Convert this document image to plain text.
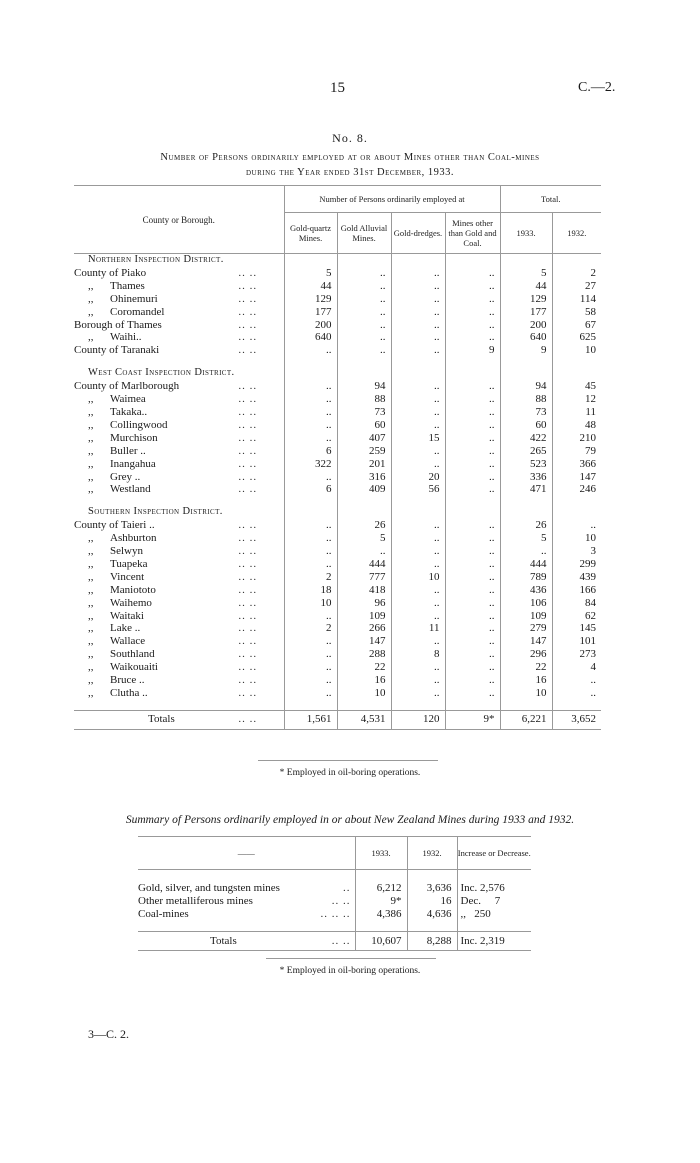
15	C.—2.
No. 8.
Number of Persons ordinarily employed at or about Mines other than Coal-mines
during the Year ended 31st December, 1933.
County or Borough.		Number of Persons ordinarily employed at				Total.	
		Gold-quartz Mines.	Gold Alluvial Mines.	Gold-dredges.	Mines other than Gold and Coal.	1933.	1932.
Northern Inspection District.							
County of Piako	.. ..	5	..	..	..	5	2
,, Thames	.. ..	44	..	..	..	44	27
,, Ohinemuri	.. ..	129	..	..	..	129	114
,, Coromandel	.. ..	177	..	..	..	177	58
Borough of Thames	.. ..	200	..	..	..	200	67
,, Waihi..	.. ..	640	..	..	..	640	625
County of Taranaki	.. ..	..	..	..	9	9	10

West Coast Inspection District.							
County of Marlborough	.. ..	..	94	..	..	94	45
,, Waimea	.. ..	..	88	..	..	88	12
,, Takaka..	.. ..	..	73	..	..	73	11
,, Collingwood	.. ..	..	60	..	..	60	48
,, Murchison	.. ..	..	407	15	..	422	210
,, Buller ..	.. ..	6	259	..	..	265	79
,, Inangahua	.. ..	322	201	..	..	523	366
,, Grey ..	.. ..	..	316	20	..	336	147
,, Westland	.. ..	6	409	56	..	471	246

Southern Inspection District.							
County of Taieri ..	.. ..	..	26	..	..	26	..
,, Ashburton	.. ..	..	5	..	..	5	10
,, Selwyn	.. ..	..	..	..	..	..	3
,, Tuapeka	.. ..	..	444	..	..	444	299
,, Vincent	.. ..	2	777	10	..	789	439
,, Maniototo	.. ..	18	418	..	..	436	166
,, Waihemo	.. ..	10	96	..	..	106	84
,, Waitaki	.. ..	..	109	..	..	109	62
,, Lake ..	.. ..	2	266	11	..	279	145
,, Wallace	.. ..	..	147	..	..	147	101
,, Southland	.. ..	..	288	8	..	296	273
,, Waikouaiti	.. ..	..	22	..	..	22	4
,, Bruce ..	.. ..	..	16	..	..	16	..
,, Clutha ..	.. ..	..	10	..	..	10	..

Totals	.. ..	1,561	4,531	120	9*	6,221	3,652
* Employed in oil-boring operations.
Summary of Persons ordinarily employed in or about New Zealand Mines during 1933 and 1932.
——		1933.	1932.	Increase or Decrease.

Gold, silver, and tungsten mines	..	6,212	3,636	Inc. 2,576
Other metalliferous mines	.. ..	9*	16	Dec.     7
Coal-mines	.. .. ..	4,386	4,636	,,   250

Totals	.. ..	10,607	8,288	Inc. 2,319
* Employed in oil-boring operations.
3—C. 2.
